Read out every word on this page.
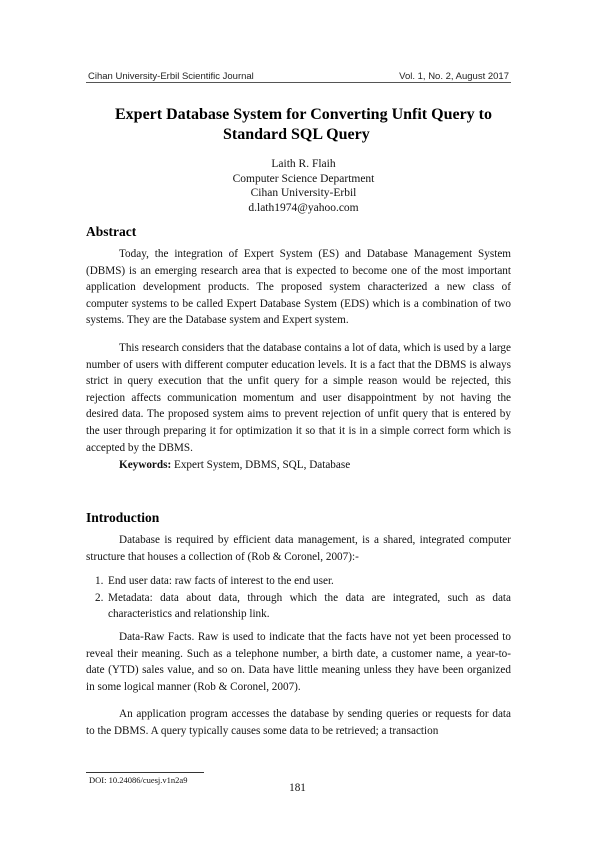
Cihan University-Erbil Scientific Journal	Vol. 1, No. 2, August 2017
Expert Database System for Converting Unfit Query to
Standard SQL Query
Laith R. Flaih
Computer Science Department
Cihan University-Erbil
d.lath1974@yahoo.com
Abstract

Today, the integration of Expert System (ES) and Database Management System (DBMS) is an emerging research area that is expected to become one of the most important application development products. The proposed system characterized a new class of computer systems to be called Expert Database System (EDS) which is a combination of two systems. They are the Database system and Expert system.

This research considers that the database contains a lot of data, which is used by a large number of users with different computer education levels. It is a fact that the DBMS is always strict in query execution that the unfit query for a simple reason would be rejected, this rejection affects communication momentum and user disappointment by not having the desired data. The proposed system aims to prevent rejection of unfit query that is entered by the user through preparing it for optimization it so that it is in a simple correct form which is accepted by the DBMS.

Keywords: Expert System, DBMS, SQL, Database
Introduction

Database is required by efficient data management, is a shared, integrated computer structure that houses a collection of (Rob & Coronel, 2007):-

1. End user data: raw facts of interest to the end user.
2. Metadata: data about data, through which the data are integrated, such as data characteristics and relationship link.

Data-Raw Facts. Raw is used to indicate that the facts have not yet been processed to reveal their meaning. Such as a telephone number, a birth date, a customer name, a year-to-date (YTD) sales value, and so on. Data have little meaning unless they have been organized in some logical manner (Rob & Coronel, 2007).

An application program accesses the database by sending queries or requests for data to the DBMS. A query typically causes some data to be retrieved; a transaction

DOI: 10.24086/cuesj.v1n2a9
181
